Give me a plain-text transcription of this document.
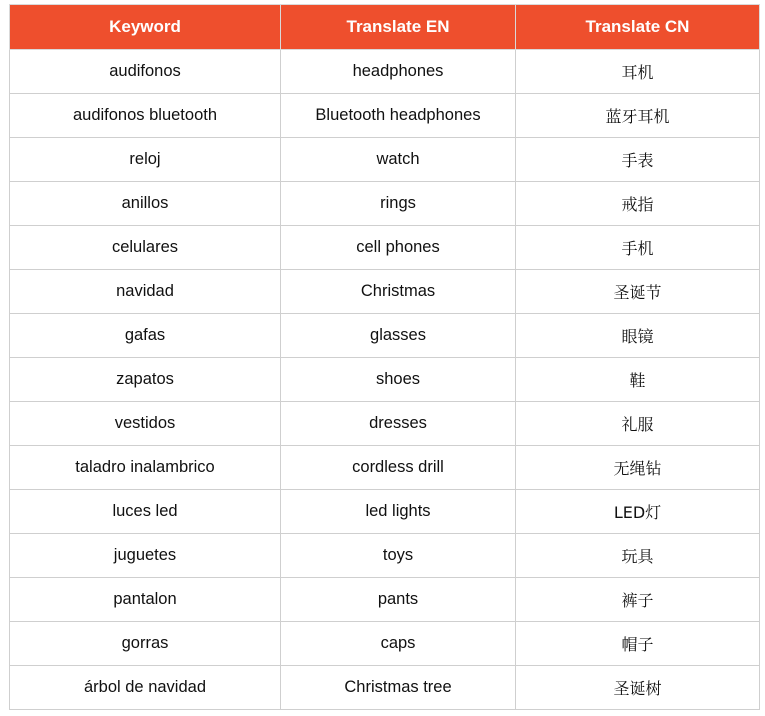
Keyword	Translate EN	Translate CN
audifonos	headphones	耳机
audifonos bluetooth	Bluetooth headphones	蓝牙耳机
reloj	watch	手表
anillos	rings	戒指
celulares	cell phones	手机
navidad	Christmas	圣诞节
gafas	glasses	眼镜
zapatos	shoes	鞋
vestidos	dresses	礼服
taladro inalambrico	cordless drill	无绳钻
luces led	led lights	LED灯
juguetes	toys	玩具
pantalon	pants	裤子
gorras	caps	帽子
árbol de navidad	Christmas tree	圣诞树
